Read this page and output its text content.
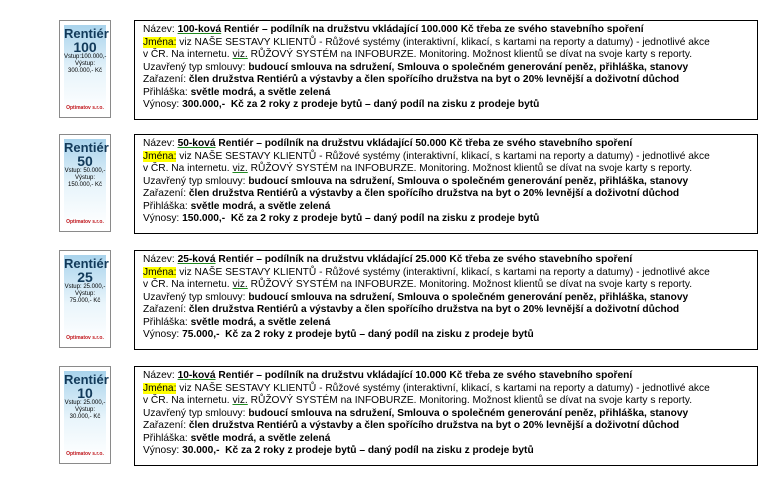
Rentiér
100
Vstup:100.000,-
Výstup:
300.000,- Kč
Optimatov s.r.o.
Název: 100-ková Rentiér – podílník na družstvu vkládající 100.000 Kč třeba ze svého stavebního spoření
Jména: viz NAŠE SESTAVY KLIENTŮ - Růžové systémy (interaktivní, klikací, s kartami na reporty a datumy) - jednotlivé akce
v ČR. Na internetu. viz. RŮŽOVÝ SYSTÉM na INFOBURZE. Monitoring. Možnost klientů se dívat na svoje karty s reporty.
Uzavřený typ smlouvy: budoucí smlouva na sdružení, Smlouva o společném generování peněz, přihláška, stanovy
Zařazení: člen družstva Rentiérů a výstavby a člen spořícího družstva na byt o 20% levnější a doživotní důchod
Přihláška: světle modrá, a světle zelená
Výnosy: 300.000,- Kč za 2 roky z prodeje bytů – daný podíl na zisku z prodeje bytů
Rentiér
50
Vstup: 50.000,-
Výstup:
150.000,- Kč
Optimatov s.r.o.
Název: 50-ková Rentiér – podílník na družstvu vkládající 50.000 Kč třeba ze svého stavebního spoření
Jména: viz NAŠE SESTAVY KLIENTŮ - Růžové systémy (interaktivní, klikací, s kartami na reporty a datumy) - jednotlivé akce
v ČR. Na internetu. viz. RŮŽOVÝ SYSTÉM na INFOBURZE. Monitoring. Možnost klientů se dívat na svoje karty s reporty.
Uzavřený typ smlouvy: budoucí smlouva na sdružení, Smlouva o společném generování peněz, přihláška, stanovy
Zařazení: člen družstva Rentiérů a výstavby a člen spořícího družstva na byt o 20% levnější a doživotní důchod
Přihláška: světle modrá, a světle zelená
Výnosy: 150.000,- Kč za 2 roky z prodeje bytů – daný podíl na zisku z prodeje bytů
Rentiér
25
Vstup: 25.000,-
Výstup:
75.000,- Kč
Optimatov s.r.o.
Název: 25-ková Rentiér – podílník na družstvu vkládající 25.000 Kč třeba ze svého stavebního spoření
Jména: viz NAŠE SESTAVY KLIENTŮ - Růžové systémy (interaktivní, klikací, s kartami na reporty a datumy) - jednotlivé akce
v ČR. Na internetu. viz. RŮŽOVÝ SYSTÉM na INFOBURZE. Monitoring. Možnost klientů se dívat na svoje karty s reporty.
Uzavřený typ smlouvy: budoucí smlouva na sdružení, Smlouva o společném generování peněz, přihláška, stanovy
Zařazení: člen družstva Rentiérů a výstavby a člen spořícího družstva na byt o 20% levnější a doživotní důchod
Přihláška: světle modrá, a světle zelená
Výnosy: 75.000,- Kč za 2 roky z prodeje bytů – daný podíl na zisku z prodeje bytů
Rentiér
10
Vstup: 25.000,-
Výstup:
30.000,- Kč
Optimatov s.r.o.
Název: 10-ková Rentiér – podílník na družstvu vkládající 10.000 Kč třeba ze svého stavebního spoření
Jména: viz NAŠE SESTAVY KLIENTŮ - Růžové systémy (interaktivní, klikací, s kartami na reporty a datumy) - jednotlivé akce
v ČR. Na internetu. viz. RŮŽOVÝ SYSTÉM na INFOBURZE. Monitoring. Možnost klientů se dívat na svoje karty s reporty.
Uzavřený typ smlouvy: budoucí smlouva na sdružení, Smlouva o společném generování peněz, přihláška, stanovy
Zařazení: člen družstva Rentiérů a výstavby a člen spořícího družstva na byt o 20% levnější a doživotní důchod
Přihláška: světle modrá, a světle zelená
Výnosy: 30.000,- Kč za 2 roky z prodeje bytů – daný podíl na zisku z prodeje bytů
